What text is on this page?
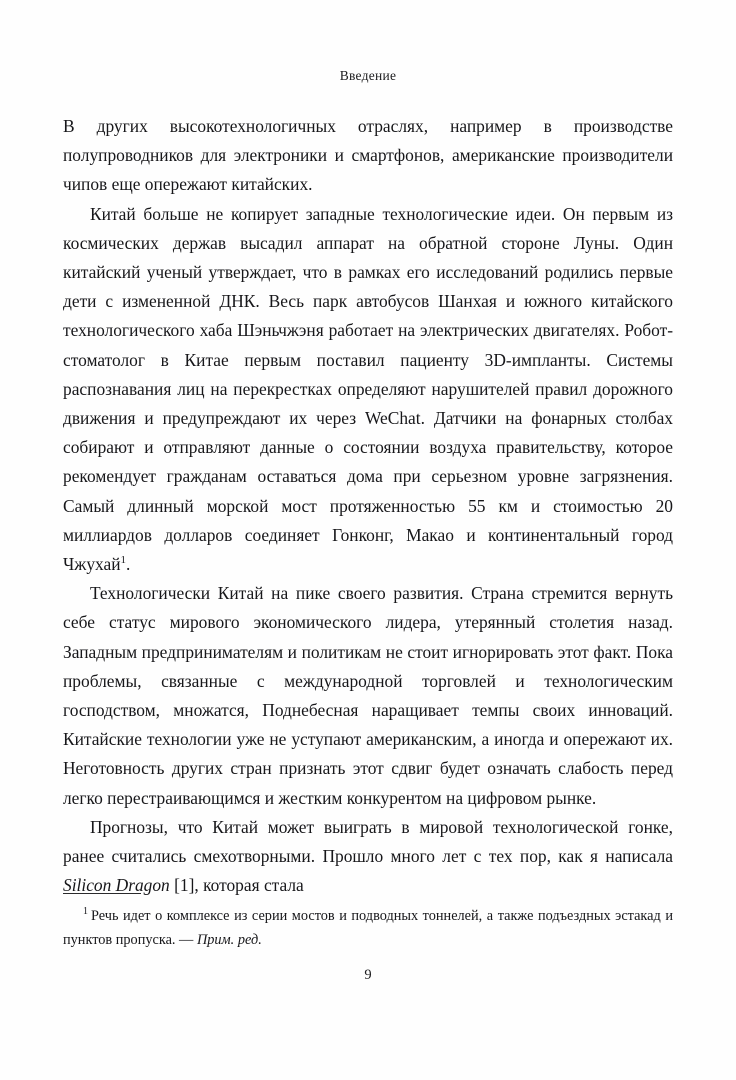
Введение

В других высокотехнологичных отраслях, например в производстве полупроводников для электроники и смартфонов, американские производители чипов еще опережают китайских.

Китай больше не копирует западные технологические идеи. Он первым из космических держав высадил аппарат на обратной стороне Луны. Один китайский ученый утверждает, что в рамках его исследований родились первые дети с измененной ДНК. Весь парк автобусов Шанхая и южного китайского технологического хаба Шэньчжэня работает на электрических двигателях. Робот-стоматолог в Китае первым поставил пациенту 3D-импланты. Системы распознавания лиц на перекрестках определяют нарушителей правил дорожного движения и предупреждают их через WeChat. Датчики на фонарных столбах собирают и отправляют данные о состоянии воздуха правительству, которое рекомендует гражданам оставаться дома при серьезном уровне загрязнения. Самый длинный морской мост протяженностью 55 км и стоимостью 20 миллиардов долларов соединяет Гонконг, Макао и континентальный город Чжухай$^1$.

Технологически Китай на пике своего развития. Страна стремится вернуть себе статус мирового экономического лидера, утерянный столетия назад. Западным предпринимателям и политикам не стоит игнорировать этот факт. Пока проблемы, связанные с международной торговлей и технологическим господством, множатся, Поднебесная наращивает темпы своих инноваций. Китайские технологии уже не уступают американским, а иногда и опережают их. Неготовность других стран признать этот сдвиг будет означать слабость перед легко перестраивающимся и жестким конкурентом на цифровом рынке.

Прогнозы, что Китай может выиграть в мировой технологической гонке, ранее считались смехотворными. Прошло много лет с тех пор, как я написала Silicon Dragon [1], которая стала

$^1$ Речь идет о комплексе из серии мостов и подводных тоннелей, а также подъездных эстакад и пунктов пропуска. — Прим. ред.

9
